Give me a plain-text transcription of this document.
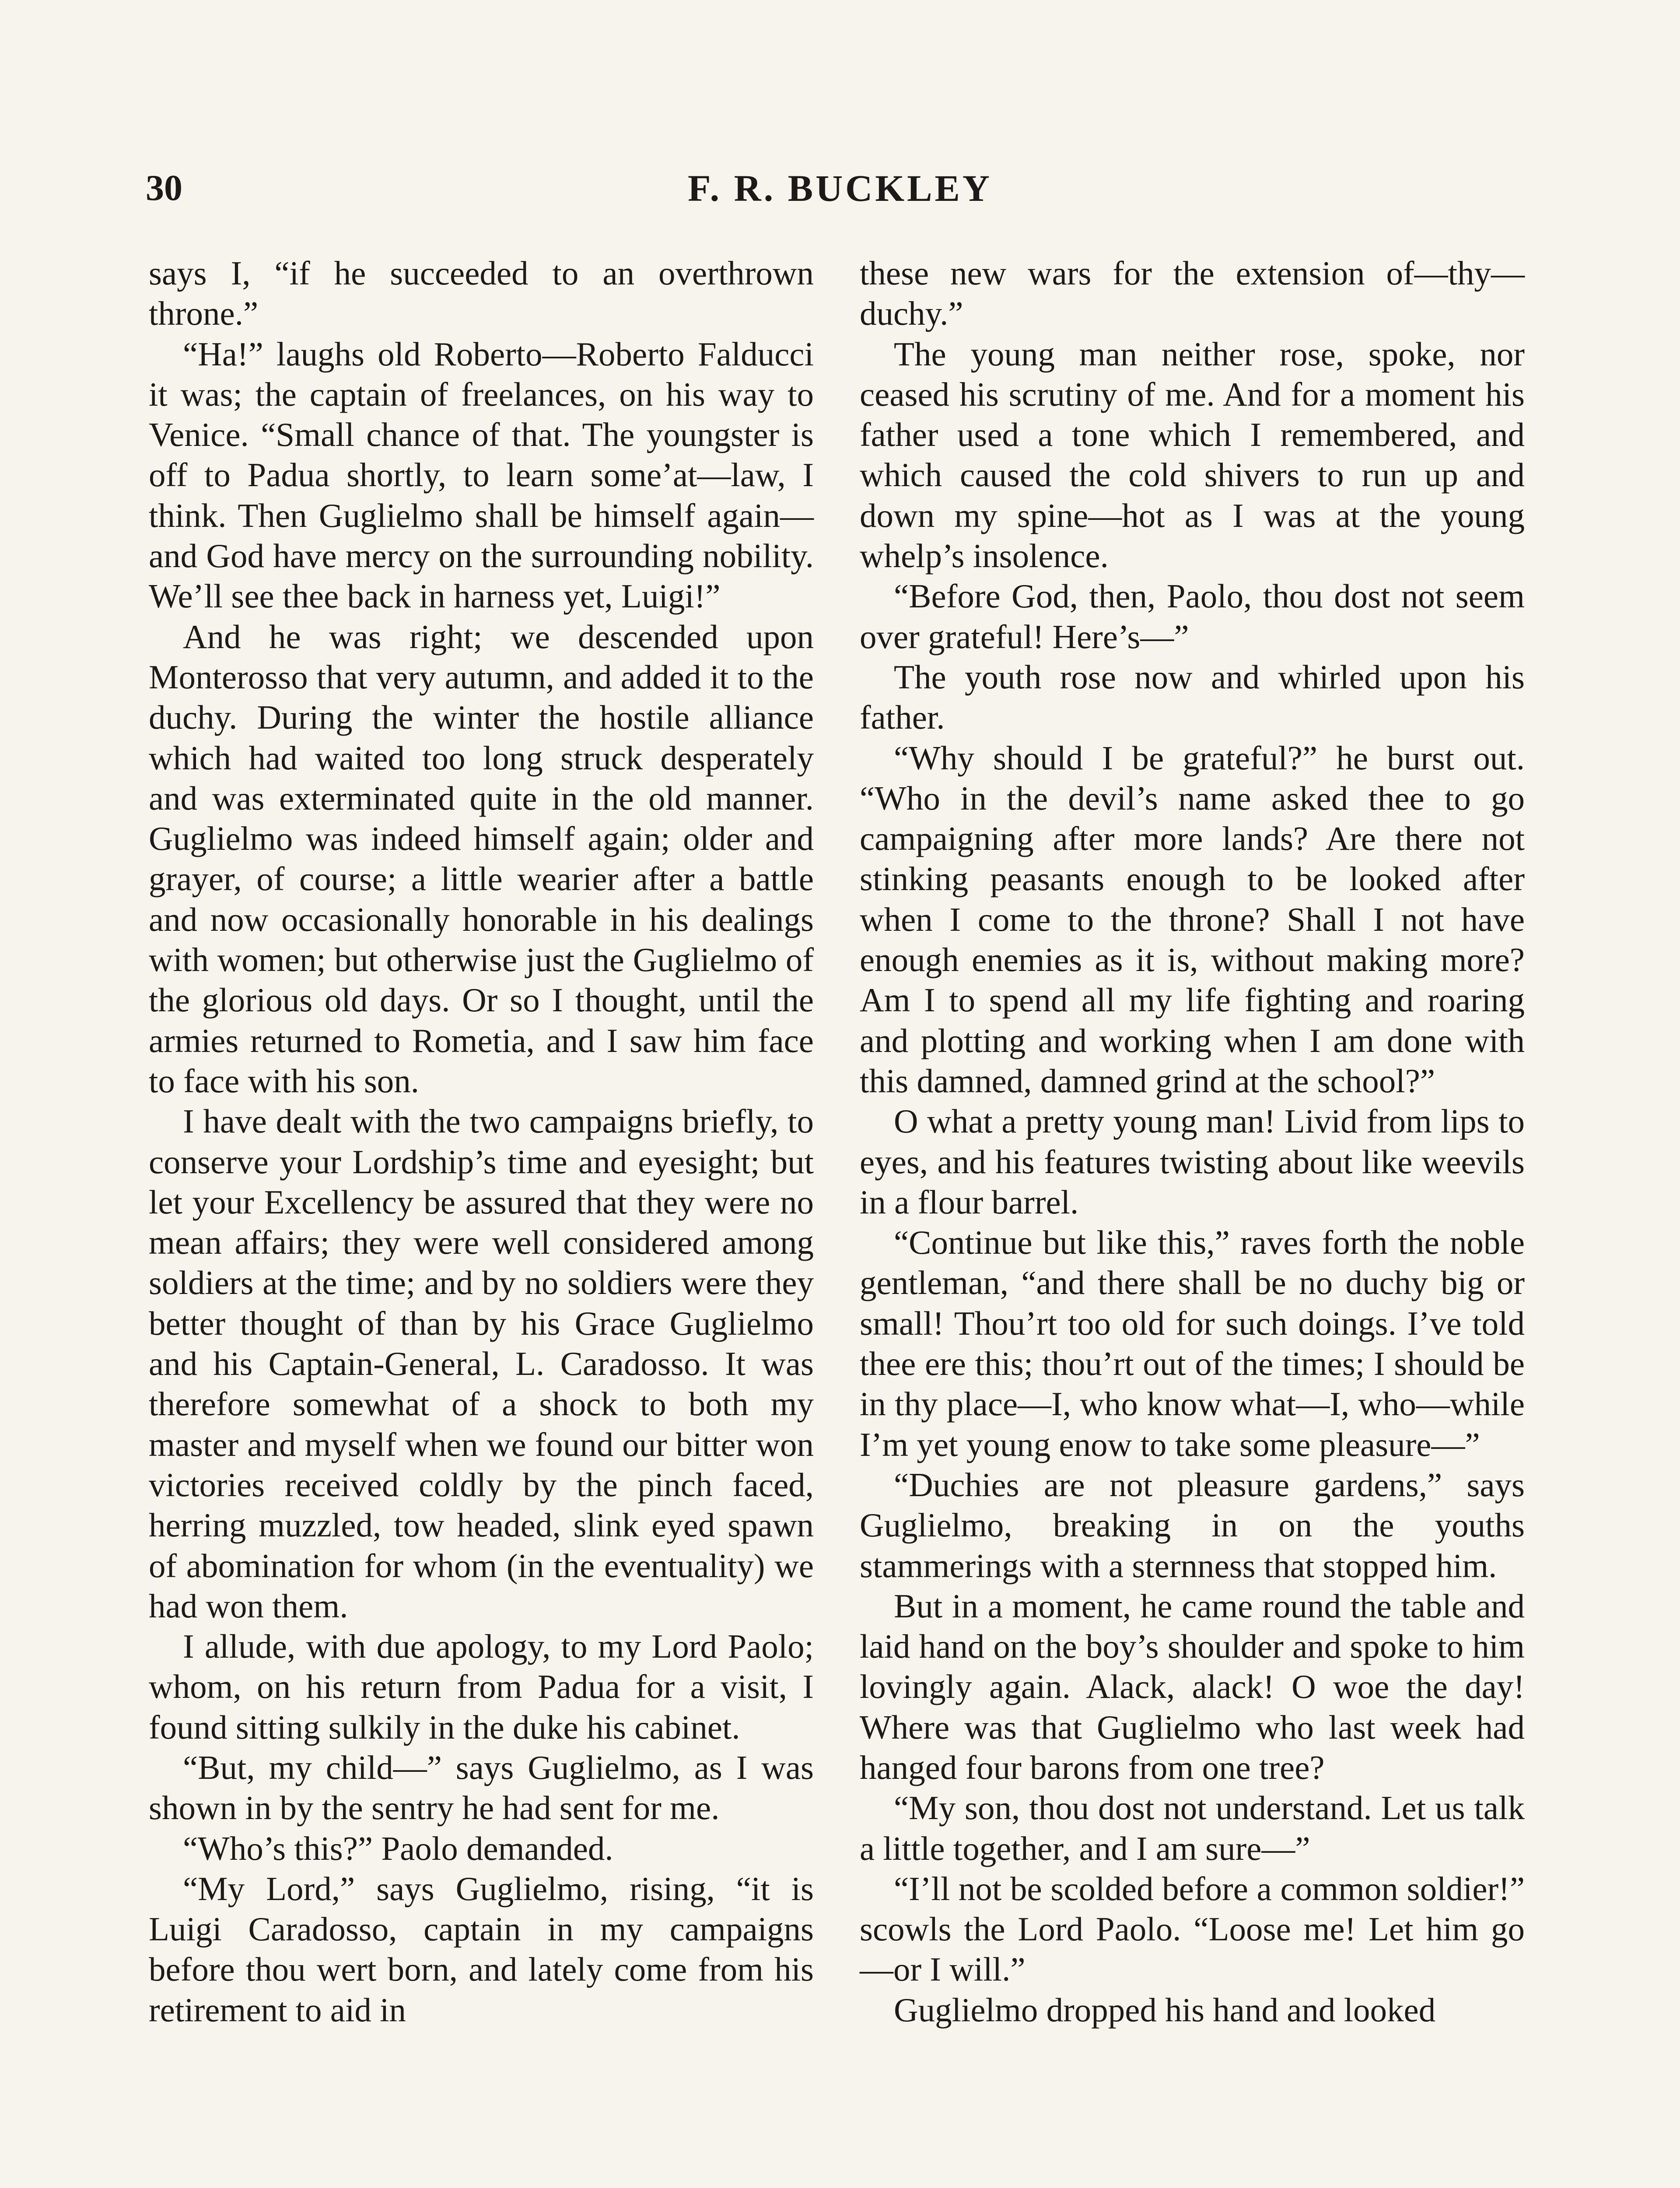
30	F. R. BUCKLEY

says I, “if he succeeded to an overthrown throne.”

“Ha!” laughs old Roberto—Roberto Falducci it was; the captain of freelances, on his way to Venice. “Small chance of that. The youngster is off to Padua shortly, to learn some’at—law, I think. Then Guglielmo shall be himself again—and God have mercy on the surrounding nobility. We’ll see thee back in harness yet, Luigi!”

And he was right; we descended upon Monterosso that very autumn, and added it to the duchy. During the winter the hostile alliance which had waited too long struck desperately and was exterminated quite in the old manner. Guglielmo was indeed himself again; older and grayer, of course; a little wearier after a battle and now occasionally honorable in his dealings with women; but otherwise just the Guglielmo of the glorious old days. Or so I thought, until the armies returned to Rometia, and I saw him face to face with his son.

I have dealt with the two campaigns briefly, to conserve your Lordship’s time and eyesight; but let your Excellency be assured that they were no mean affairs; they were well considered among soldiers at the time; and by no soldiers were they better thought of than by his Grace Guglielmo and his Captain-General, L. Caradosso. It was therefore somewhat of a shock to both my master and myself when we found our bitter won victories received coldly by the pinch faced, herring muzzled, tow headed, slink eyed spawn of abomination for whom (in the eventuality) we had won them.

I allude, with due apology, to my Lord Paolo; whom, on his return from Padua for a visit, I found sitting sulkily in the duke his cabinet.

“But, my child—” says Guglielmo, as I was shown in by the sentry he had sent for me.

“Who’s this?” Paolo demanded.

“My Lord,” says Guglielmo, rising, “it is Luigi Caradosso, captain in my campaigns before thou wert born, and lately come from his retirement to aid in

these new wars for the extension of—thy—duchy.”

The young man neither rose, spoke, nor ceased his scrutiny of me. And for a moment his father used a tone which I remembered, and which caused the cold shivers to run up and down my spine—hot as I was at the young whelp’s insolence.

“Before God, then, Paolo, thou dost not seem over grateful! Here’s—”

The youth rose now and whirled upon his father.

“Why should I be grateful?” he burst out. “Who in the devil’s name asked thee to go campaigning after more lands? Are there not stinking peasants enough to be looked after when I come to the throne? Shall I not have enough enemies as it is, without making more? Am I to spend all my life fighting and roaring and plotting and working when I am done with this damned, damned grind at the school?”

O what a pretty young man! Livid from lips to eyes, and his features twisting about like weevils in a flour barrel.

“Continue but like this,” raves forth the noble gentleman, “and there shall be no duchy big or small! Thou’rt too old for such doings. I’ve told thee ere this; thou’rt out of the times; I should be in thy place—I, who know what—I, who—while I’m yet young enow to take some pleasure—”

“Duchies are not pleasure gardens,” says Guglielmo, breaking in on the youths stammerings with a sternness that stopped him.

But in a moment, he came round the table and laid hand on the boy’s shoulder and spoke to him lovingly again. Alack, alack! O woe the day! Where was that Guglielmo who last week had hanged four barons from one tree?

“My son, thou dost not understand. Let us talk a little together, and I am sure—”

“I’ll not be scolded before a common soldier!” scowls the Lord Paolo. “Loose me! Let him go—or I will.”

Guglielmo dropped his hand and looked
